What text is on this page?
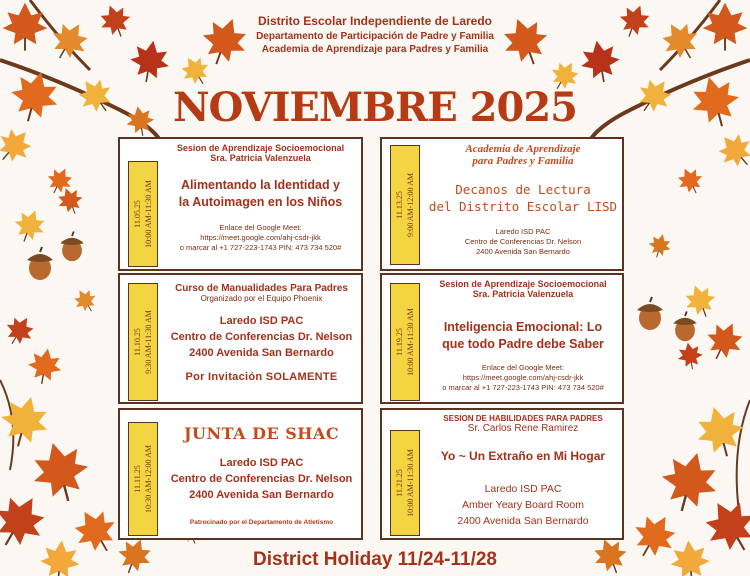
Distrito Escolar Independiente de Laredo
Departamento de Participación de Padre y Familia
Academia de Aprendizaje para Padres y Familia
NOVIEMBRE 2025
11.05.25 10:00 AM-11:30 AM
Sesion de Aprendizaje Socioemocional
Sra. Patricia Valenzuela
Alimentando la Identidad y
la Autoimagen en los Niños
Enlace del Google Meet:
https://meet.google.com/ahj-csdr-jkk
o marcar al +1 727-223-1743 PIN: 473 734 520#
11.13.25 9:00 AM-12:00 AM
Academia de Aprendizaje
para Padres y Familia
Decanos de Lectura
del Distrito Escolar LISD
Laredo ISD PAC
Centro de Conferencias Dr. Nelson
2400 Avenida San Bernardo
11.10.25 9:30 AM-11:30 AM
Curso de Manualidades Para Padres
Organizado por el Equipo Phoenix
Laredo ISD PAC
Centro de Conferencias Dr. Nelson
2400 Avenida San Bernardo
Por Invitación SOLAMENTE
11.19.25 10:00 AM-11:30 AM
Sesion de Aprendizaje Socioemocional
Sra. Patricia Valenzuela
Inteligencia Emocional: Lo
que todo Padre debe Saber
Enlace del Google Meet:
https://meet.google.com/ahj-csdr-jkk
o marcar al +1 727-223-1743 PIN: 473 734 520#
11.11.25 10:30 AM-12:00 AM
JUNTA DE SHAC
Laredo ISD PAC
Centro de Conferencias Dr. Nelson
2400 Avenida San Bernardo
Patrocinado por el Departamento de Atletismo
11.21.25 10:00 AM-11:30 AM
SESION DE HABILIDADES PARA PADRES
Sr. Carlos Rene Ramirez
Yo ~ Un Extraño en Mi Hogar
Laredo ISD PAC
Amber Yeary Board Room
2400 Avenida San Bernardo
District Holiday 11/24-11/28
